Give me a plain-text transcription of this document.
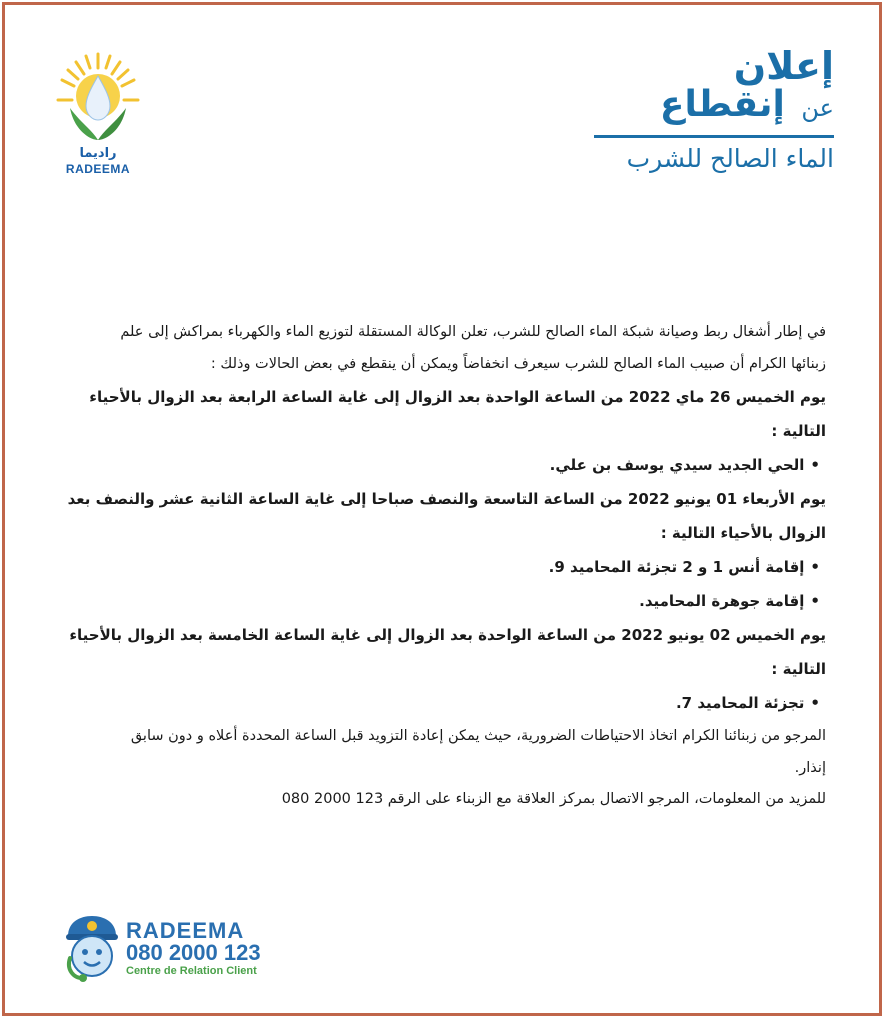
راديما
RADEEMA
إعلان
عن إنقطاع
الماء الصالح للشرب

في إطار أشغال ربط وصيانة شبكة الماء الصالح للشرب، تعلن الوكالة المستقلة لتوزيع الماء والكهرباء بمراكش إلى علم

زبنائها الكرام أن صبيب الماء الصالح للشرب سيعرف انخفاضاً ويمكن أن ينقطع في بعض الحالات وذلك :

يوم الخميس 26 ماي 2022 من الساعة الواحدة بعد الزوال إلى غاية الساعة الرابعة بعد الزوال بالأحياء التالية :

•الحي الجديد سيدي يوسف بن علي.

يوم الأربعاء 01 يونيو 2022 من الساعة التاسعة والنصف صباحا إلى غاية الساعة الثانية عشر والنصف بعد

الزوال بالأحياء التالية :

•إقامة أنس 1 و 2 تجزئة المحاميد 9.

•إقامة جوهرة المحاميد.

يوم الخميس 02 يونيو 2022 من الساعة الواحدة بعد الزوال إلى غاية الساعة الخامسة بعد الزوال بالأحياء التالية :

•تجزئة المحاميد 7.

المرجو من زبنائنا الكرام اتخاذ الاحتياطات الضرورية، حيث يمكن إعادة التزويد قبل الساعة المحددة أعلاه و دون سابق

إنذار.

للمزيد من المعلومات، المرجو الاتصال بمركز العلاقة مع الزبناء على الرقم 123 2000 080

RADEEMA
080 2000 123
Centre de Relation Client
